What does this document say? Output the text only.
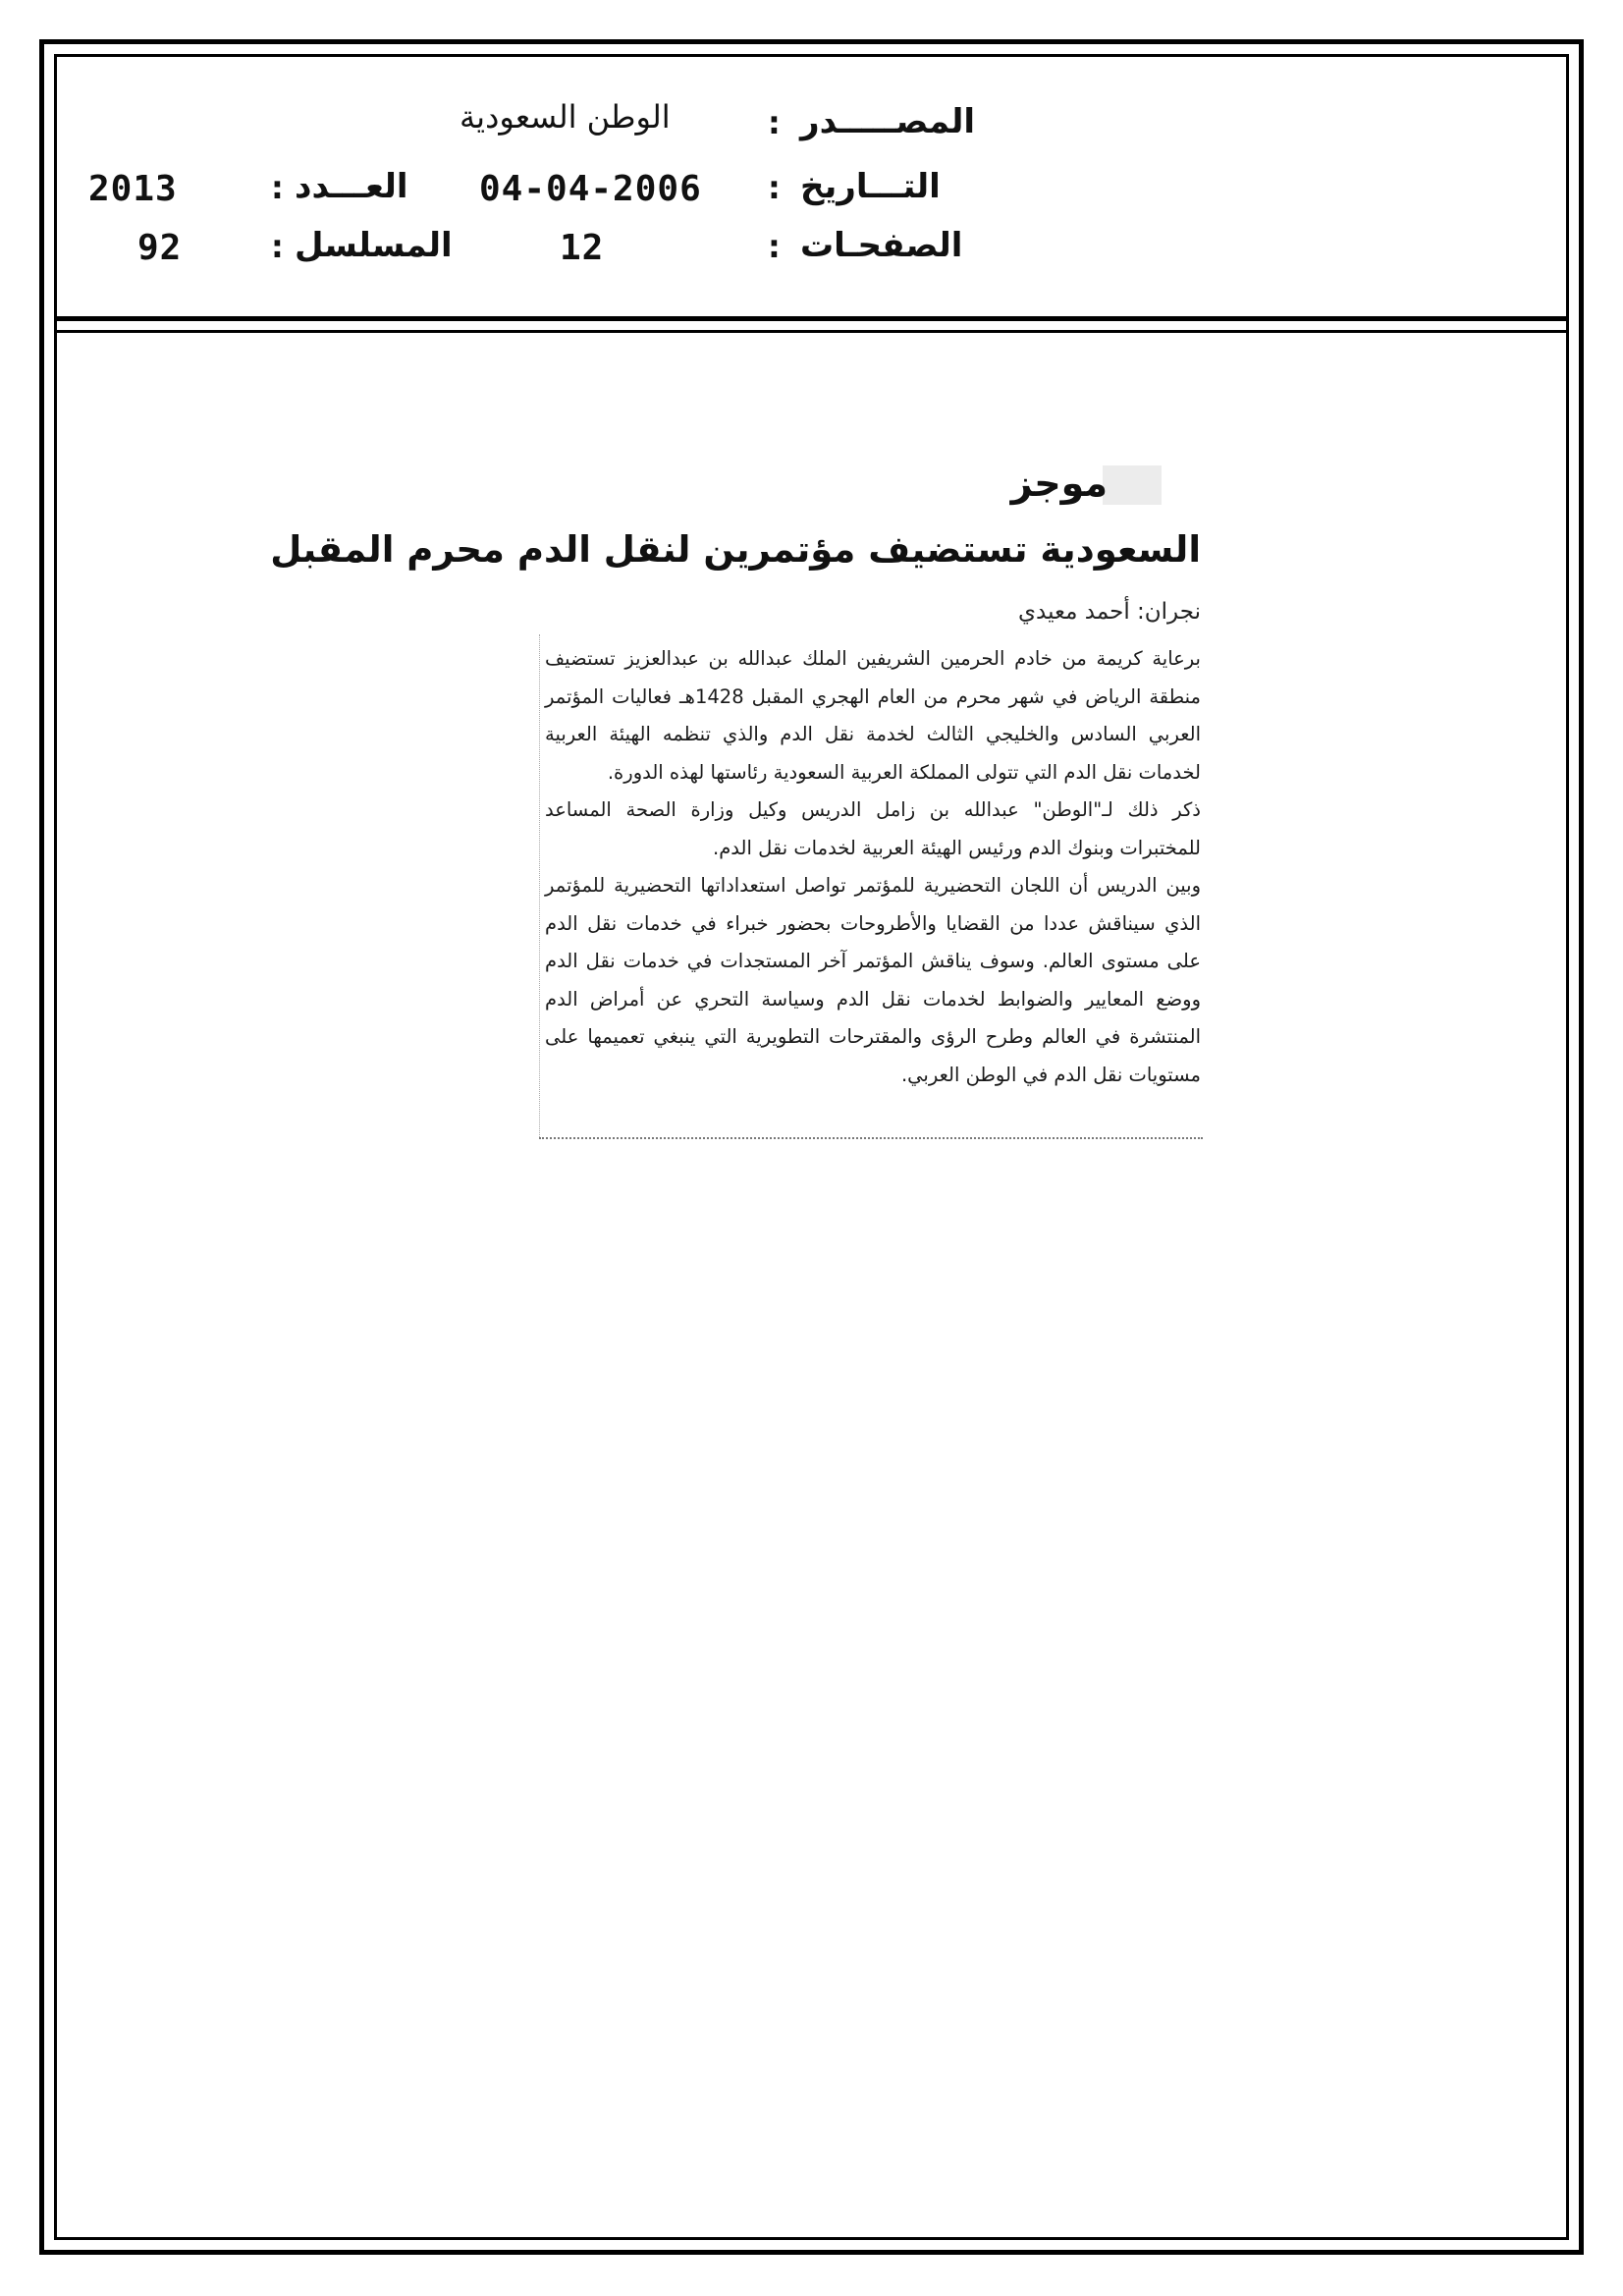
المصـــــدر
:
الوطن السعودية
التـــاريخ
:
04-04-2006
العـــدد
:
2013
الصفحـات
:
12
المسلسل
:
92
موجز
السعودية تستضيف مؤتمرين لنقل الدم محرم المقبل
نجران: أحمد معيدي

برعاية كريمة من خادم الحرمين الشريفين الملك عبدالله بن عبدالعزيز تستضيف منطقة الرياض في شهر محرم من العام الهجري المقبل 1428هـ فعاليات المؤتمر العربي السادس والخليجي الثالث لخدمة نقل الدم والذي تنظمه الهيئة العربية لخدمات نقل الدم التي تتولى المملكة العربية السعودية رئاستها لهذه الدورة.

ذكر ذلك لـ"الوطن" عبدالله بن زامل الدريس وكيل وزارة الصحة المساعد للمختبرات وبنوك الدم ورئيس الهيئة العربية لخدمات نقل الدم.

وبين الدريس أن اللجان التحضيرية للمؤتمر تواصل استعداداتها التحضيرية للمؤتمر الذي سيناقش عددا من القضايا والأطروحات بحضور خبراء في خدمات نقل الدم على مستوى العالم. وسوف يناقش المؤتمر آخر المستجدات في خدمات نقل الدم ووضع المعايير والضوابط لخدمات نقل الدم وسياسة التحري عن أمراض الدم المنتشرة في العالم وطرح الرؤى والمقترحات التطويرية التي ينبغي تعميمها على مستويات نقل الدم في الوطن العربي.
